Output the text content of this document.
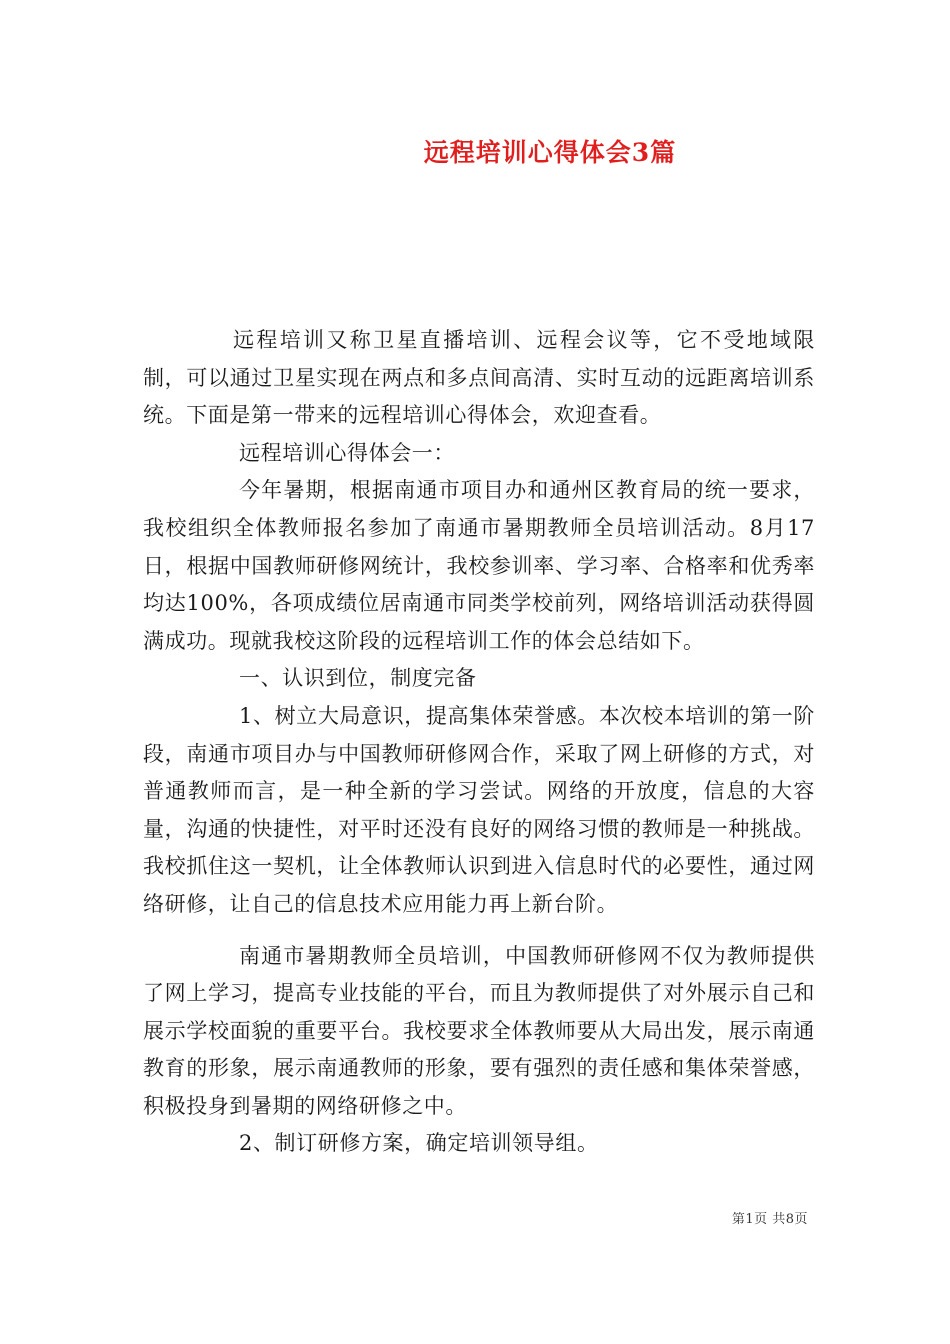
远程培训心得体会3篇

远程培训又称卫星直播培训、远程会议等，它不受地域限制，可以通过卫星实现在两点和多点间高清、实时互动的远距离培训系统。下面是第一带来的远程培训心得体会，欢迎查看。

远程培训心得体会一：

今年暑期，根据南通市项目办和通州区教育局的统一要求，我校组织全体教师报名参加了南通市暑期教师全员培训活动。8月17日，根据中国教师研修网统计，我校参训率、学习率、合格率和优秀率均达100%，各项成绩位居南通市同类学校前列，网络培训活动获得圆满成功。现就我校这阶段的远程培训工作的体会总结如下。

一、认识到位，制度完备

1、树立大局意识，提高集体荣誉感。本次校本培训的第一阶段，南通市项目办与中国教师研修网合作，采取了网上研修的方式，对普通教师而言，是一种全新的学习尝试。网络的开放度，信息的大容量，沟通的快捷性，对平时还没有良好的网络习惯的教师是一种挑战。我校抓住这一契机，让全体教师认识到进入信息时代的必要性，通过网络研修，让自己的信息技术应用能力再上新台阶。

南通市暑期教师全员培训，中国教师研修网不仅为教师提供了网上学习，提高专业技能的平台，而且为教师提供了对外展示自己和展示学校面貌的重要平台。我校要求全体教师要从大局出发，展示南通教育的形象，展示南通教师的形象，要有强烈的责任感和集体荣誉感，积极投身到暑期的网络研修之中。

2、制订研修方案，确定培训领导组。

第1页 共8页
